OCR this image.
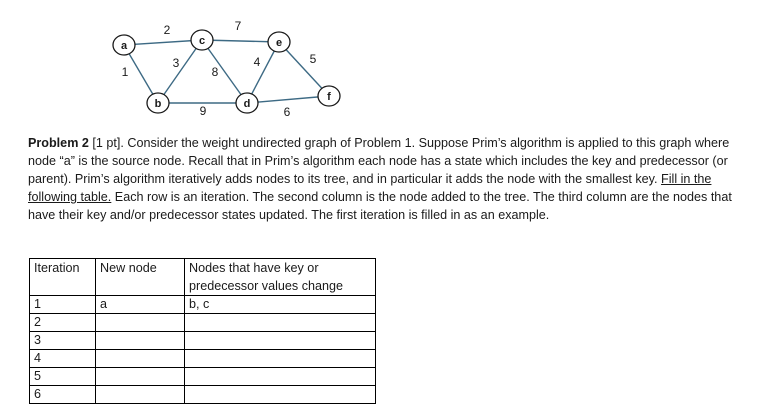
2
1
3
8
7
9
4	5
6
a
b
c
d
e
f

Problem 2 [1 pt]. Consider the weight undirected graph of Problem 1. Suppose Prim’s algorithm is applied to this graph where node “a” is the source node. Recall that in Prim’s algorithm each node has a state which includes the key and predecessor (or parent). Prim’s algorithm iteratively adds nodes to its tree, and in particular it adds the node with the smallest key. Fill in the following table. Each row is an iteration. The second column is the node added to the tree. The third column are the nodes that have their key and/or predecessor states updated. The first iteration is filled in as an example.

Iteration	New node	Nodes that have key or predecessor values change
1	a	b, c
2		
3		
4		
5		
6		
